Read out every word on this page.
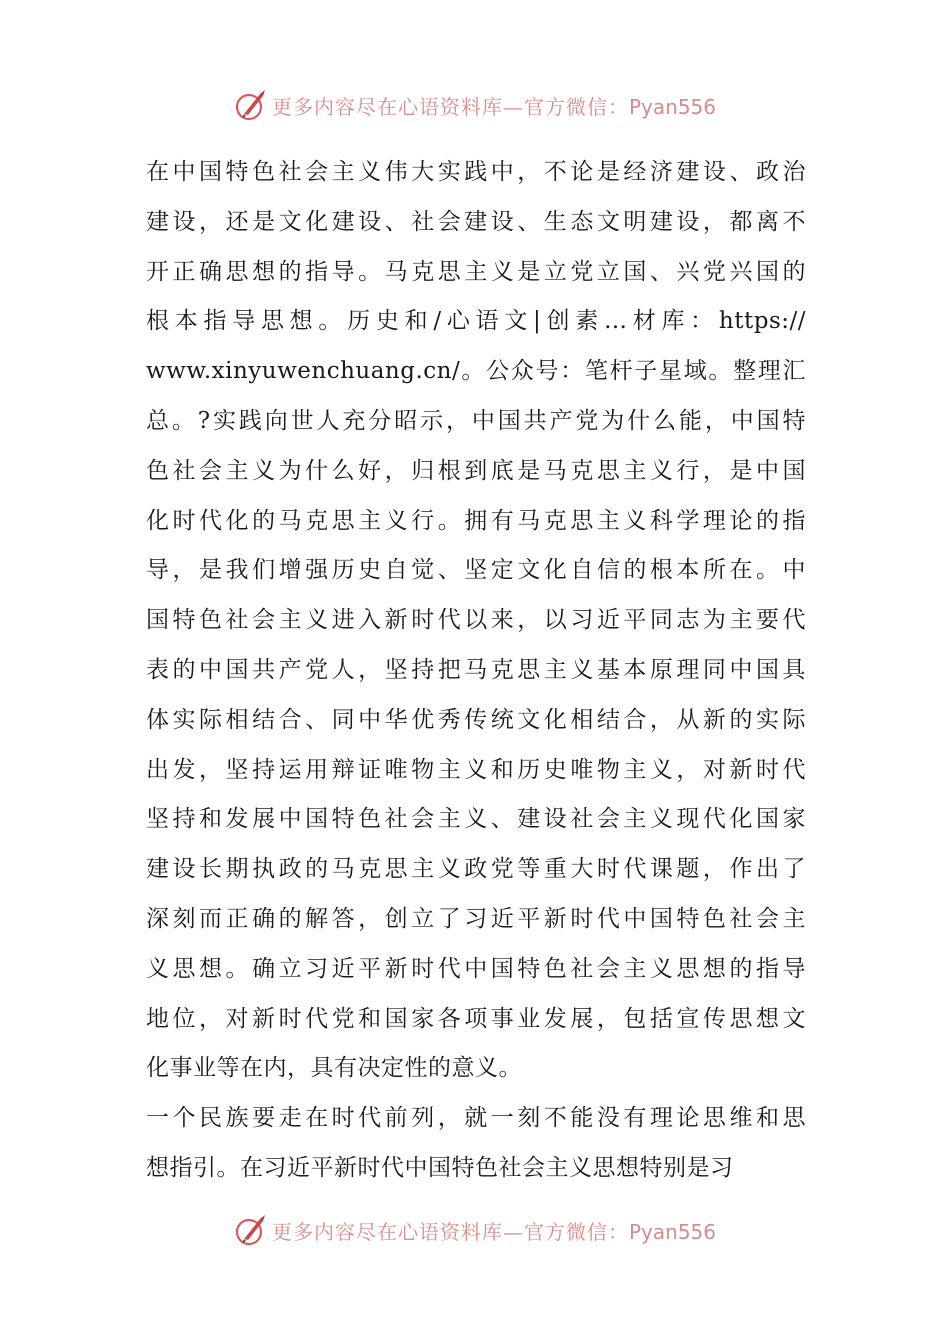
更多内容尽在心语资料库—官方微信：Pyan556
在中国特色社会主义伟大实践中，不论是经济建设、政治
建设，还是文化建设、社会建设、生态文明建设，都离不
开正确思想的指导。马克思主义是立党立国、兴党兴国的
根本指导思想。历史和/心语文|创素…材库：https://
www.xinyuwenchuang.cn/。公众号：笔杆子星域。整理汇
总。?实践向世人充分昭示，中国共产党为什么能，中国特
色社会主义为什么好，归根到底是马克思主义行，是中国
化时代化的马克思主义行。拥有马克思主义科学理论的指
导，是我们增强历史自觉、坚定文化自信的根本所在。中
国特色社会主义进入新时代以来，以习近平同志为主要代
表的中国共产党人，坚持把马克思主义基本原理同中国具
体实际相结合、同中华优秀传统文化相结合，从新的实际
出发，坚持运用辩证唯物主义和历史唯物主义，对新时代
坚持和发展中国特色社会主义、建设社会主义现代化国家
建设长期执政的马克思主义政党等重大时代课题，作出了
深刻而正确的解答，创立了习近平新时代中国特色社会主
义思想。确立习近平新时代中国特色社会主义思想的指导
地位，对新时代党和国家各项事业发展，包括宣传思想文
化事业等在内，具有决定性的意义。
一个民族要走在时代前列，就一刻不能没有理论思维和思
想指引。在习近平新时代中国特色社会主义思想特别是习
更多内容尽在心语资料库—官方微信：Pyan556
